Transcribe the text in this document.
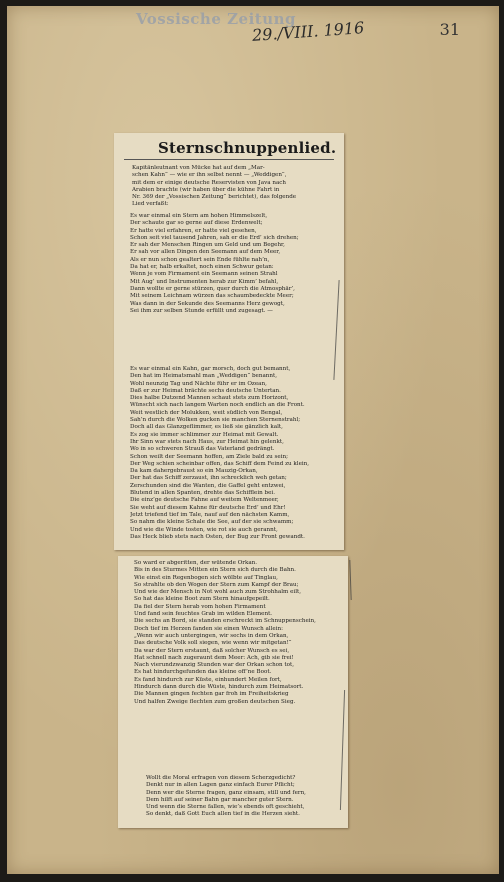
Vossische Zeitung
29./VIII. 1916	31
Sternschnuppenlied.

Kapitänleutnant von Mücke hat auf dem „Mar-

schen Kahn“ — wie er ihn selbst nennt — „Weddigen“,

mit dem er einige deutsche Reservisten von Java nach

Arabien brachte (wir haben über die kühne Fahrt in

Nr. 369 der „Vossischen Zeitung“ berichtet), das folgende

Lied verfaßt:

Es war einmal ein Stern am hohen Himmelszelt,
Der schaute gar so gerne auf diese Erdenwelt;
Er hatte viel erfahren, er hatte viel gesehen,
Schon seit viel tausend Jahren, sah er die Erd’ sich drehen;
Er sah der Menschen Ringen um Geld und um Begehr,
Er sah vor allen Dingen den Seemann auf dem Meer,
Als er nun schon gealtert sein Ende fühlte nah’n,
Da hat er, halb erkaltet, noch einen Schwur getan:
Wenn je vom Firmament ein Seemann seinen Strahl
Mit Aug’ und Instrumenten herab zur Kimm’ befahl,
Dann wollte er gerne stürzen, quer durch die Atmosphär’,
Mit seinem Leichnam würzen das schaumbedeckte Meer;
Was dann in der Sekunde des Seemanns Herz gewogt,
Sei ihm zur selben Stunde erfüllt und zugesagt. —
Es war einmal ein Kahn, gar morsch, doch gut bemannt,
Den hat im Heimatsmahl man „Weddigen“ benannt,
Wohl neunzig Tag und Nächte führ er im Ozean,
Daß er zur Heimat brächte sechs deutsche Untertan.
Dies halbe Dutzend Mannen schaut stets zum Horizont,
Wünscht sich nach langem Warten noch endlich an die Front.
Weit westlich der Molukken, weit südlich von Bengal,
Sah’n durch die Wolken gucken sie manchen Sternenstrahl;
Doch all das Glanzgeflimmer, es ließ sie gänzlich kalt,
Es zog sie immer schlimmer zur Heimat mit Gewalt.
Ihr Sinn war stets nach Haus, zur Heimat hin gelenkt,
Wo in so schweren Strauß das Vaterland gedrängt.
Schon weilt der Seemann hoffen, am Ziele bald zu sein;
Der Weg schien scheinbar offen, das Schiff dem Feind zu klein,
Da kam dahergebraust so ein Mauzig-Orkan,
Der hat das Schiff zerzaust, ihn schrecklich weh getan;
Zerschunden sind die Wanten, die Gaffel geht entzwei,
Blutend in allen Spanten, drehte das Schifflein bei.
Die einz’ge deutsche Fahne auf weitem Weltenmeer,
Sie weht auf diesem Kahne für deutsche Erd’ und Ehr!
Jetzt triefend tief im Tale, nauf auf den nächsten Kamm,
So nahm die kleine Schale die See, auf der sie schwamm;
Und wie die Winde tosten, wie rot sie auch gerannt,
Das Heck blieb stets nach Osten, der Bug zur Front gewandt.
So ward er abgeritten, der wütende Orkan.
Bis in des Sturmes Mitten ein Stern sich durch die Bahn.
Wie einst ein Regenbogen sich wölbte auf Tinglau,
So strahlte ob den Wogen der Stern zum Kampf der Brau;
Und wie der Mensch in Not wohl auch zum Strohhalm eilt,
So hat das kleine Boot zum Stern hinaufgepeilt.
Da fiel der Stern herab vom hohen Firmament
Und fand sein feuchtes Grab im wilden Element.
Die sechs an Bord, sie standen erschreckt im Schnuppenschein,
Doch tief im Herzen fanden sie einen Wunsch allein:
„Wenn wir auch untergingen, wir sechs in dem Orkan,
Das deutsche Volk soll siegen, wie wenn wir mitgetan!“
Da war der Stern erstaunt, daß solcher Wunsch es sei,
Hat schnell nach zugeraunt dem Meer: Ach, gib sie frei!
Nach vierundzwanzig Stunden war der Orkan schon tot,
Es hat hindurchgefunden das kleine off’ne Boot.
Es fand hindurch zur Küste, einhundert Meilen fort,
Hindurch dann durch die Wüste, hindurch zum Heimatsort.
Die Mannen gingen fechten gar froh im Freiheitskrieg
Und halfen Zweige flechten zum großen deutschen Sieg.
Wollt die Moral erfragen von diesem Scherzgedicht?
Denkt nur in allen Lagen ganz einfach Eurer Pflicht;
Denn wer die Sterne fragen, ganz einsam, still und fern,
Dem hilft auf seiner Bahn gar mancher guter Stern.
Und wenn die Sterne fallen, wie’s ebends oft geschieht,
So denkt, daß Gott Euch allen tief in die Herzen sieht.
